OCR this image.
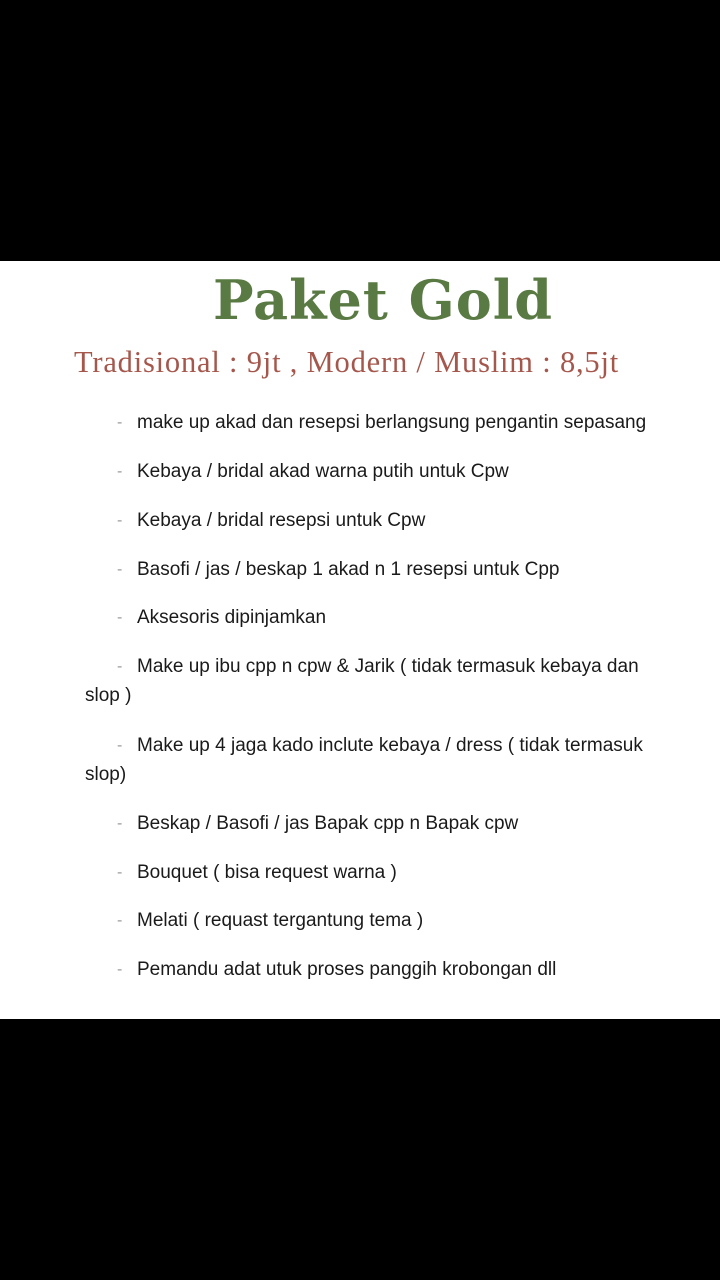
Paket Gold

Tradisional : 9jt , Modern / Muslim : 8,5jt

- make up akad dan resepsi berlangsung pengantin sepasang
- Kebaya / bridal akad warna putih untuk Cpw
- Kebaya / bridal resepsi untuk Cpw
- Basofi / jas / beskap 1 akad n 1 resepsi untuk Cpp
- Aksesoris dipinjamkan
- Make up ibu cpp n cpw & Jarik ( tidak termasuk kebaya dan
slop )
- Make up 4 jaga kado inclute kebaya / dress ( tidak termasuk
slop)
- Beskap / Basofi / jas Bapak cpp n Bapak cpw
- Bouquet ( bisa request warna )
- Melati ( requast tergantung tema )
- Pemandu adat utuk proses panggih krobongan dll
